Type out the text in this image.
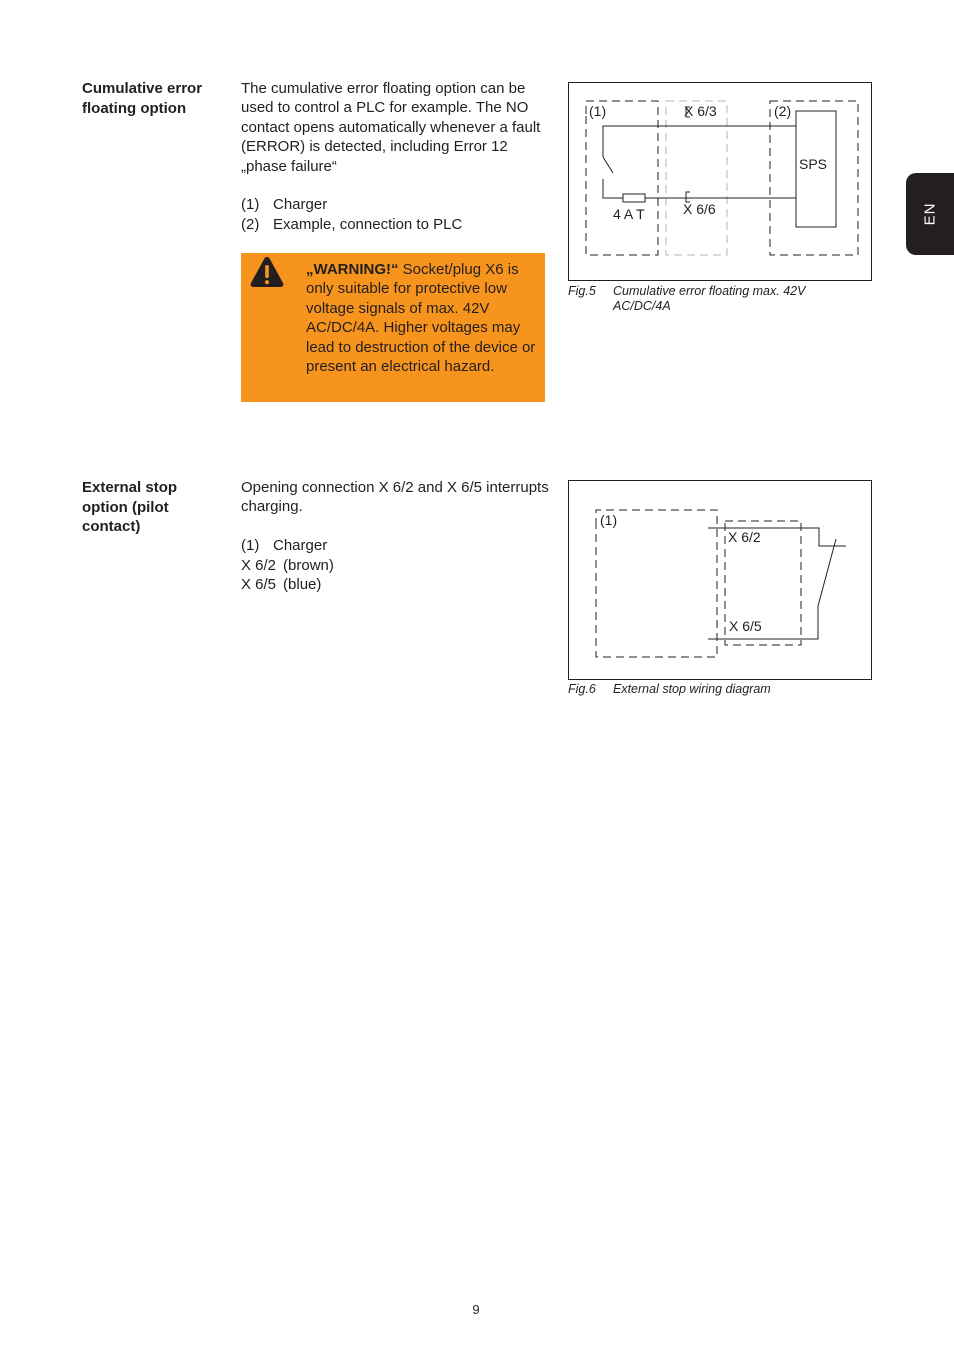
EN
Cumulative error
floating option

The cumulative error floating option can be used to control a PLC for example. The NO contact opens automatically whenever a fault (ERROR) is detected, including Error 12 „phase failure“

(1) Charger
(2) Example, connection to PLC
„WARNING!“ Socket/plug X6 is only suitable for protective low voltage signals of max. 42V AC/DC/4A. Higher voltages may lead to destruction of the device or present an electrical hazard.
(1)	X 6/3	(2)
SPS
X 6/6
4 A T
Fig.5	Cumulative error floating max. 42V
AC/DC/4A
External stop
option (pilot
contact)

Opening connection X 6/2 and X 6/5 interrupts charging.

(1) Charger
X 6/2 (brown)
X 6/5 (blue)
(1)
X 6/2
X 6/5
Fig.6	External stop wiring diagram
9
